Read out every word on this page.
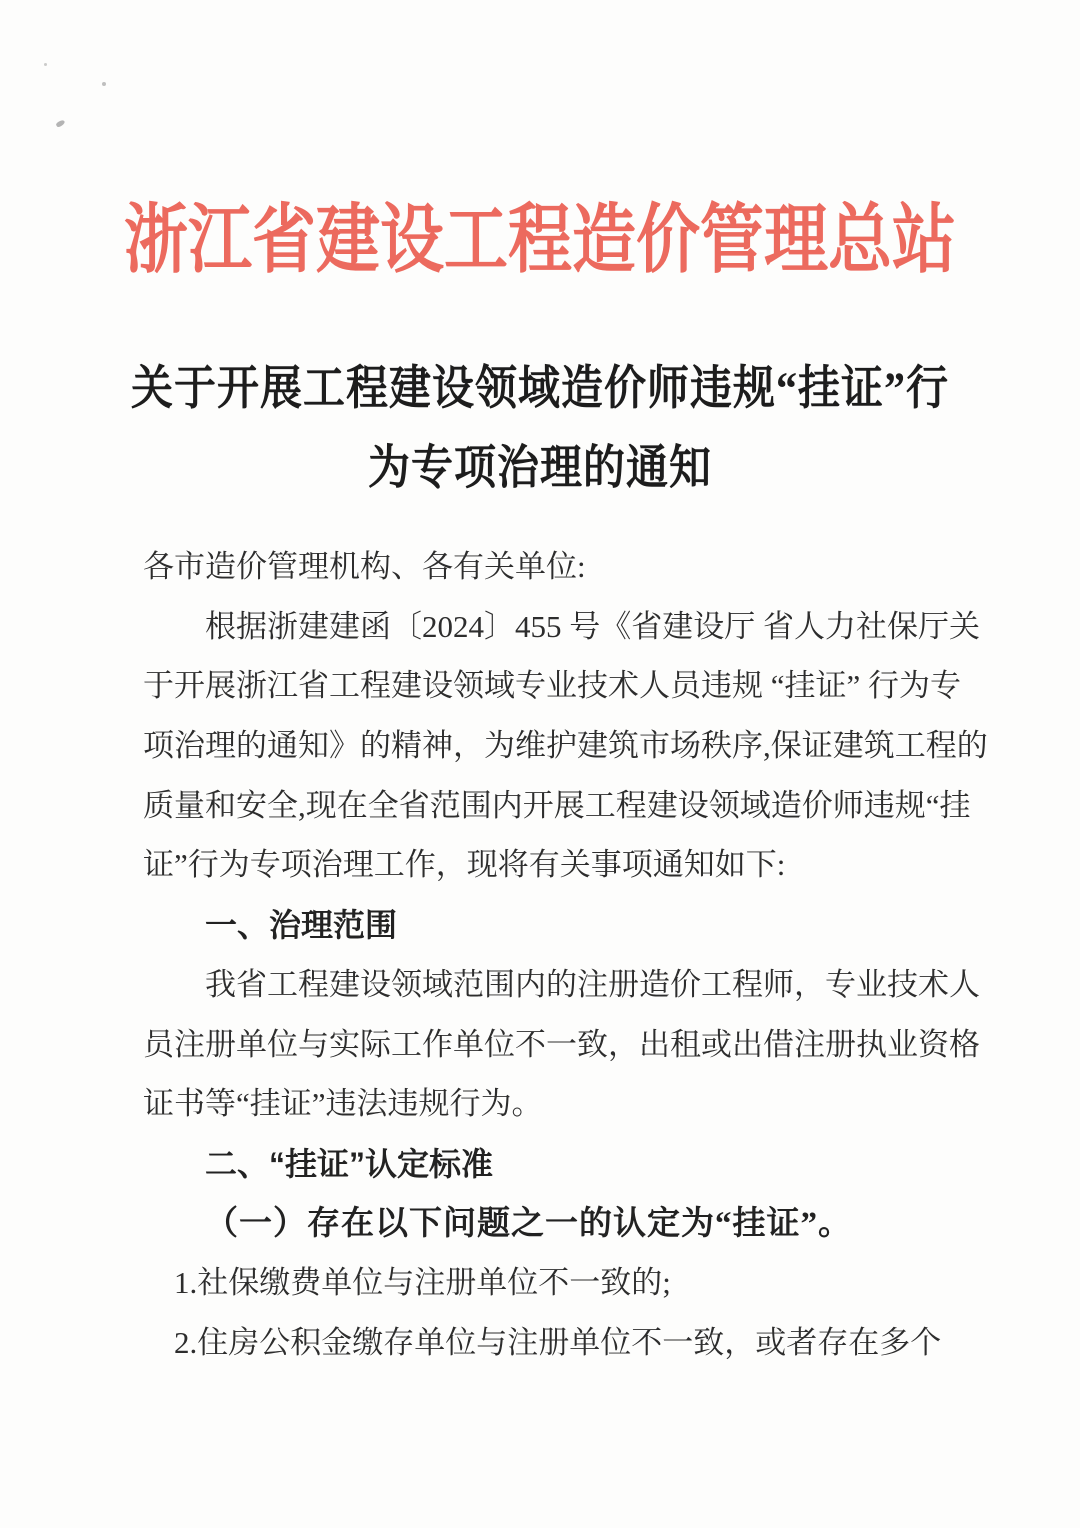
浙江省建设工程造价管理总站
关于开展工程建设领域造价师违规“挂证”行
为专项治理的通知
各市造价管理机构、各有关单位:
根据浙建建函〔2024〕455 号《省建设厅 省人力社保厅关
于开展浙江省工程建设领域专业技术人员违规 “挂证” 行为专
项治理的通知》的精神，为维护建筑市场秩序,保证建筑工程的
质量和安全,现在全省范围内开展工程建设领域造价师违规“挂
证”行为专项治理工作，现将有关事项通知如下:
一、治理范围
我省工程建设领域范围内的注册造价工程师，专业技术人
员注册单位与实际工作单位不一致，出租或出借注册执业资格
证书等“挂证”违法违规行为。
二、“挂证”认定标准
（一）存在以下问题之一的认定为“挂证”。
1.社保缴费单位与注册单位不一致的;
2.住房公积金缴存单位与注册单位不一致，或者存在多个
